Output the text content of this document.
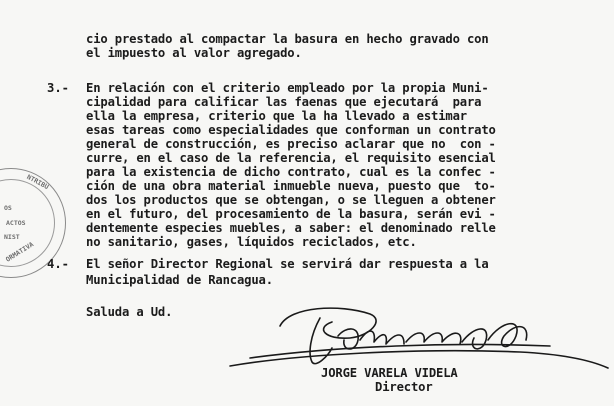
NTRIBU
OS
ACTOS
NIST
ORMATIVA
cio prestado al compactar la basura en hecho gravado con
el impuesto al valor agregado.
3.- En relación con el criterio empleado por la propia Muni-
cipalidad para calificar las faenas que ejecutará  para
ella la empresa, criterio que la ha llevado a estimar
esas tareas como especialidades que conforman un contrato
general de construcción, es preciso aclarar que no  con -
curre, en el caso de la referencia, el requisito esencial
para la existencia de dicho contrato, cual es la confec -
ción de una obra material inmueble nueva, puesto que  to-
dos los productos que se obtengan, o se lleguen a obtener
en el futuro, del procesamiento de la basura, serán evi -
dentemente especies muebles, a saber: el denominado relle
no sanitario, gases, líquidos reciclados, etc.
4.- El señor Director Regional se servirá dar respuesta a la
Municipalidad de Rancagua.
Saluda a Ud.
JORGE VARELA VIDELA
Director
